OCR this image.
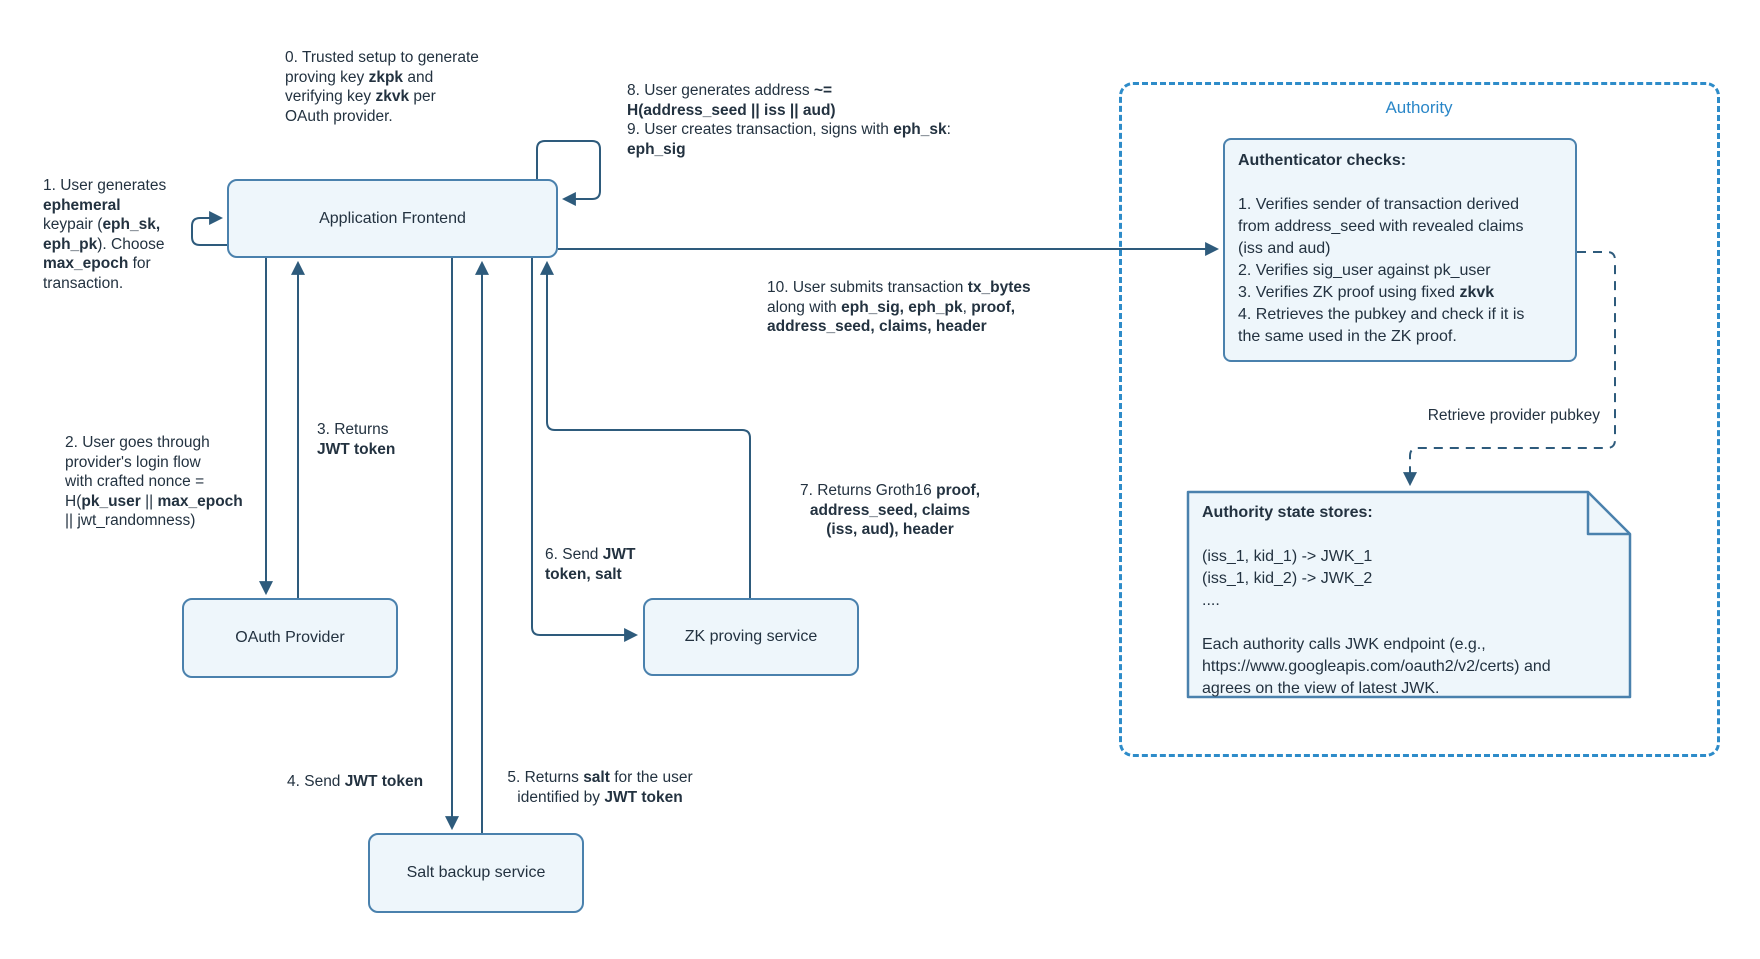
Authority
Application Frontend
OAuth Provider	ZK proving service
Salt backup service
Authenticator checks:

1. Verifies sender of transaction derived
from address_seed with revealed claims
(iss and aud)
2. Verifies sig_user against pk_user
3. Verifies ZK proof using fixed zkvk
4. Retrieves the pubkey and check if it is
the same used in the ZK proof.
Authority state stores:

(iss_1, kid_1) -> JWK_1
(iss_1, kid_2) -> JWK_2
....

Each authority calls JWK endpoint (e.g.,
https://www.googleapis.com/oauth2/v2/certs) and
agrees on the view of latest JWK.
0. Trusted setup to generate
proving key zkpk and
verifying key zkvk per
OAuth provider.
1. User generates
ephemeral
keypair (eph_sk,
eph_pk). Choose
max_epoch for
transaction.
2. User goes through
provider's login flow
with crafted nonce =
H(pk_user || max_epoch
|| jwt_randomness)
3. Returns
JWT token
4. Send JWT token	5. Returns salt for the user
identified by JWT token
6. Send JWT
token, salt
7. Returns Groth16 proof,
address_seed, claims
(iss, aud), header
8. User generates address ~=
H(address_seed || iss || aud)
9. User creates transaction, signs with eph_sk:
eph_sig
10. User submits transaction tx_bytes
along with eph_sig, eph_pk, proof,
address_seed, claims, header
Retrieve provider pubkey
